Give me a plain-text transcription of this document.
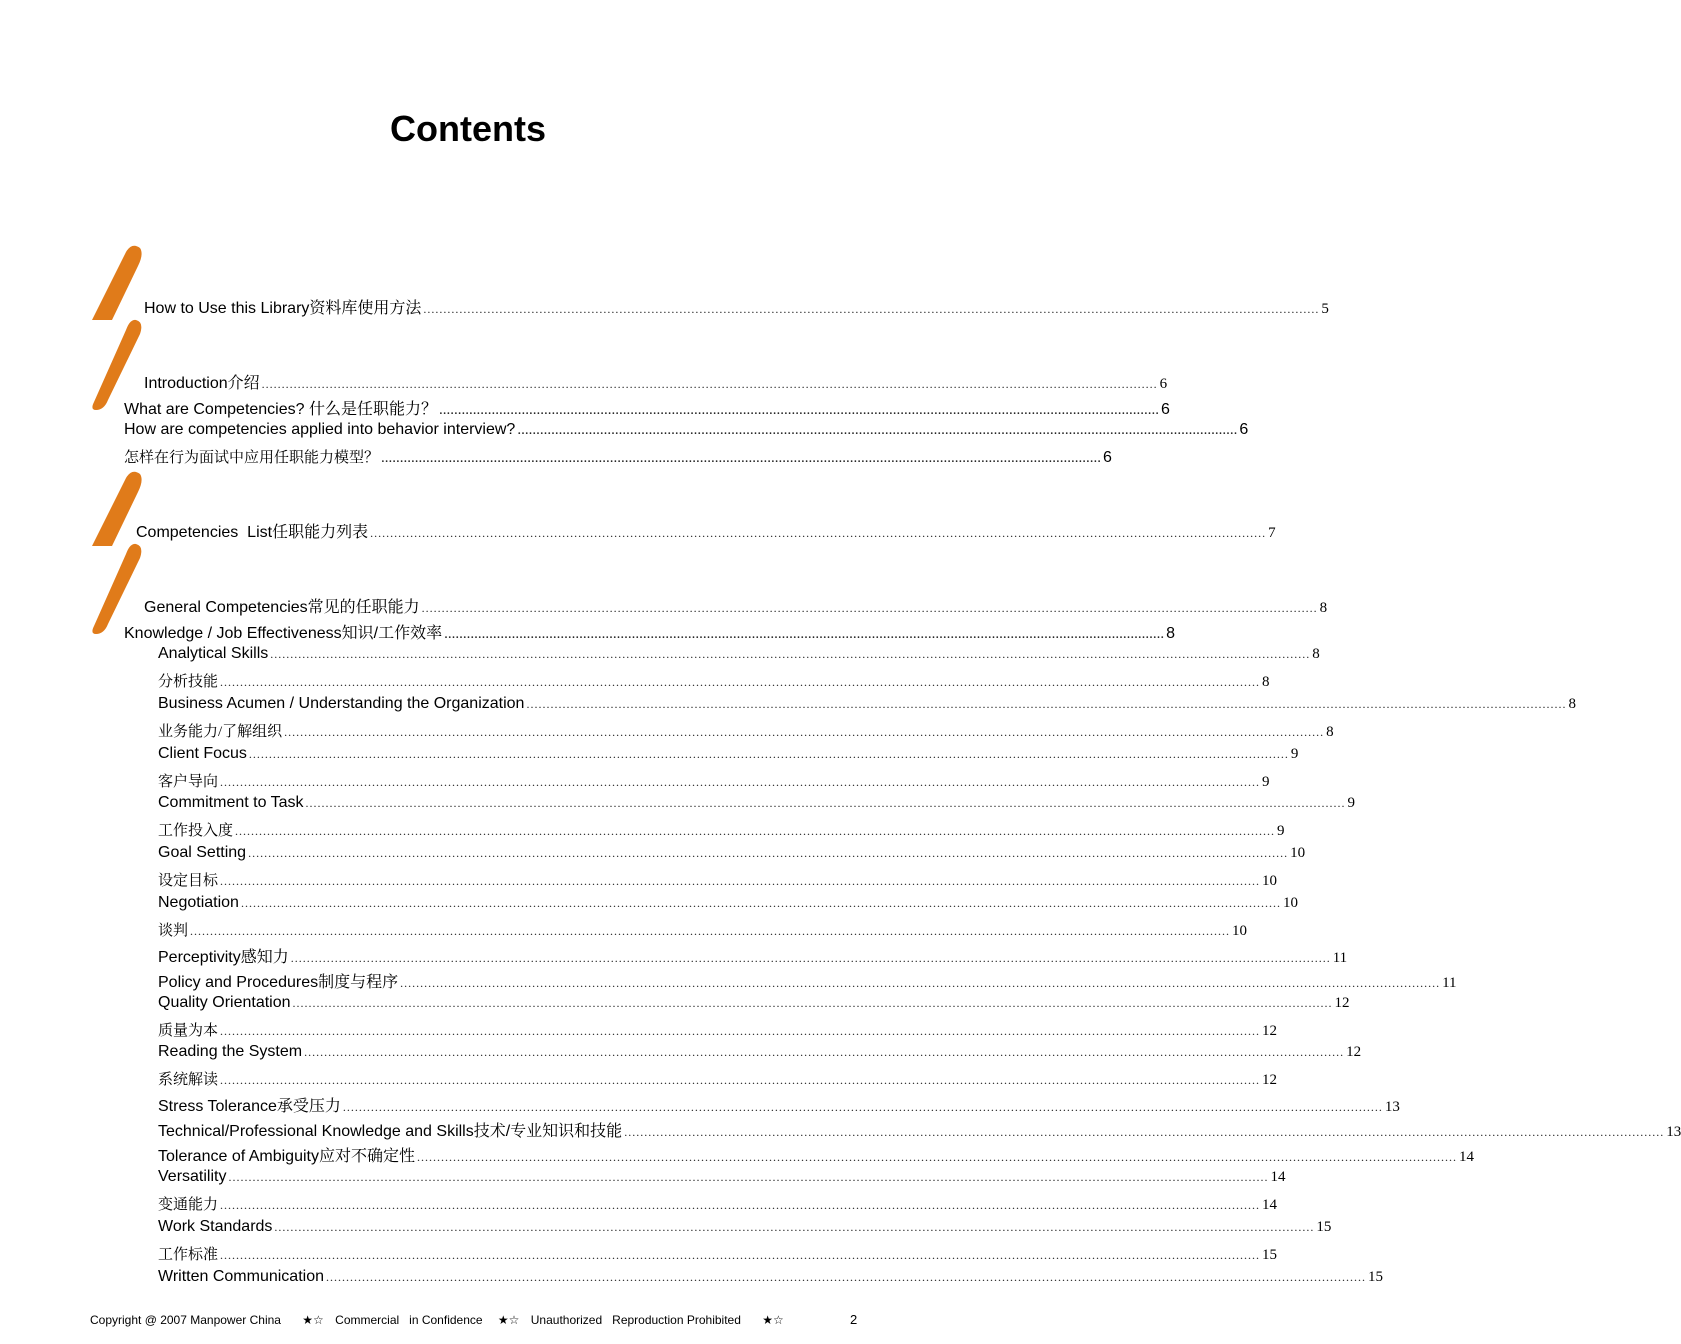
Contents
How to Use this Library资料库使用方法 ................................................................................................................................................................................................................................ 5
Introduction介绍 ................................................................................................................................................................................................................................ 6
What are Competencies? 什么是任职能力？ ................................................................................................................................................................................................ 6
How are competencies applied into behavior interview? ................................................................................................................................................................................................ 6
怎样在行为面试中应用任职能力模型？ ................................................................................................................................................................................................ 6
Competencies  List任职能力列表 ................................................................................................................................................................................................................................ 7
General Competencies常见的任职能力 ................................................................................................................................................................................................................................ 8
Knowledge / Job Effectiveness知识/工作效率 ................................................................................................................................................................................................ 8
Analytical Skills .................................................................................................................................................................................................................................................................... 8
分析技能 .................................................................................................................................................................................................................................................................... 8
Business Acumen / Understanding the Organization .................................................................................................................................................................................................................................................................... 8
业务能力/了解组织 .................................................................................................................................................................................................................................................................... 8
Client Focus .................................................................................................................................................................................................................................................................... 9
客户导向 .................................................................................................................................................................................................................................................................... 9
Commitment to Task .................................................................................................................................................................................................................................................................... 9
工作投入度 .................................................................................................................................................................................................................................................................... 9
Goal Setting .................................................................................................................................................................................................................................................................... 10
设定目标 .................................................................................................................................................................................................................................................................... 10
Negotiation .................................................................................................................................................................................................................................................................... 10
谈判 .................................................................................................................................................................................................................................................................... 10
Perceptivity感知力 .................................................................................................................................................................................................................................................................... 11
Policy and Procedures制度与程序 .................................................................................................................................................................................................................................................................... 11
Quality Orientation .................................................................................................................................................................................................................................................................... 12
质量为本 .................................................................................................................................................................................................................................................................... 12
Reading the System .................................................................................................................................................................................................................................................................... 12
系统解读 .................................................................................................................................................................................................................................................................... 12
Stress Tolerance承受压力 .................................................................................................................................................................................................................................................................... 13
Technical/Professional Knowledge and Skills技术/专业知识和技能 .................................................................................................................................................................................................................................................................... 13
Tolerance of Ambiguity应对不确定性 .................................................................................................................................................................................................................................................................... 14
Versatility .................................................................................................................................................................................................................................................................... 14
变通能力 .................................................................................................................................................................................................................................................................... 14
Work Standards .................................................................................................................................................................................................................................................................... 15
工作标准 .................................................................................................................................................................................................................................................................... 15
Written Communication .................................................................................................................................................................................................................................................................... 15
Copyright @ 2007 Manpower China ★☆ Commercial   in Confidence ★☆ Unauthorized   Reproduction Prohibited ★☆	2
